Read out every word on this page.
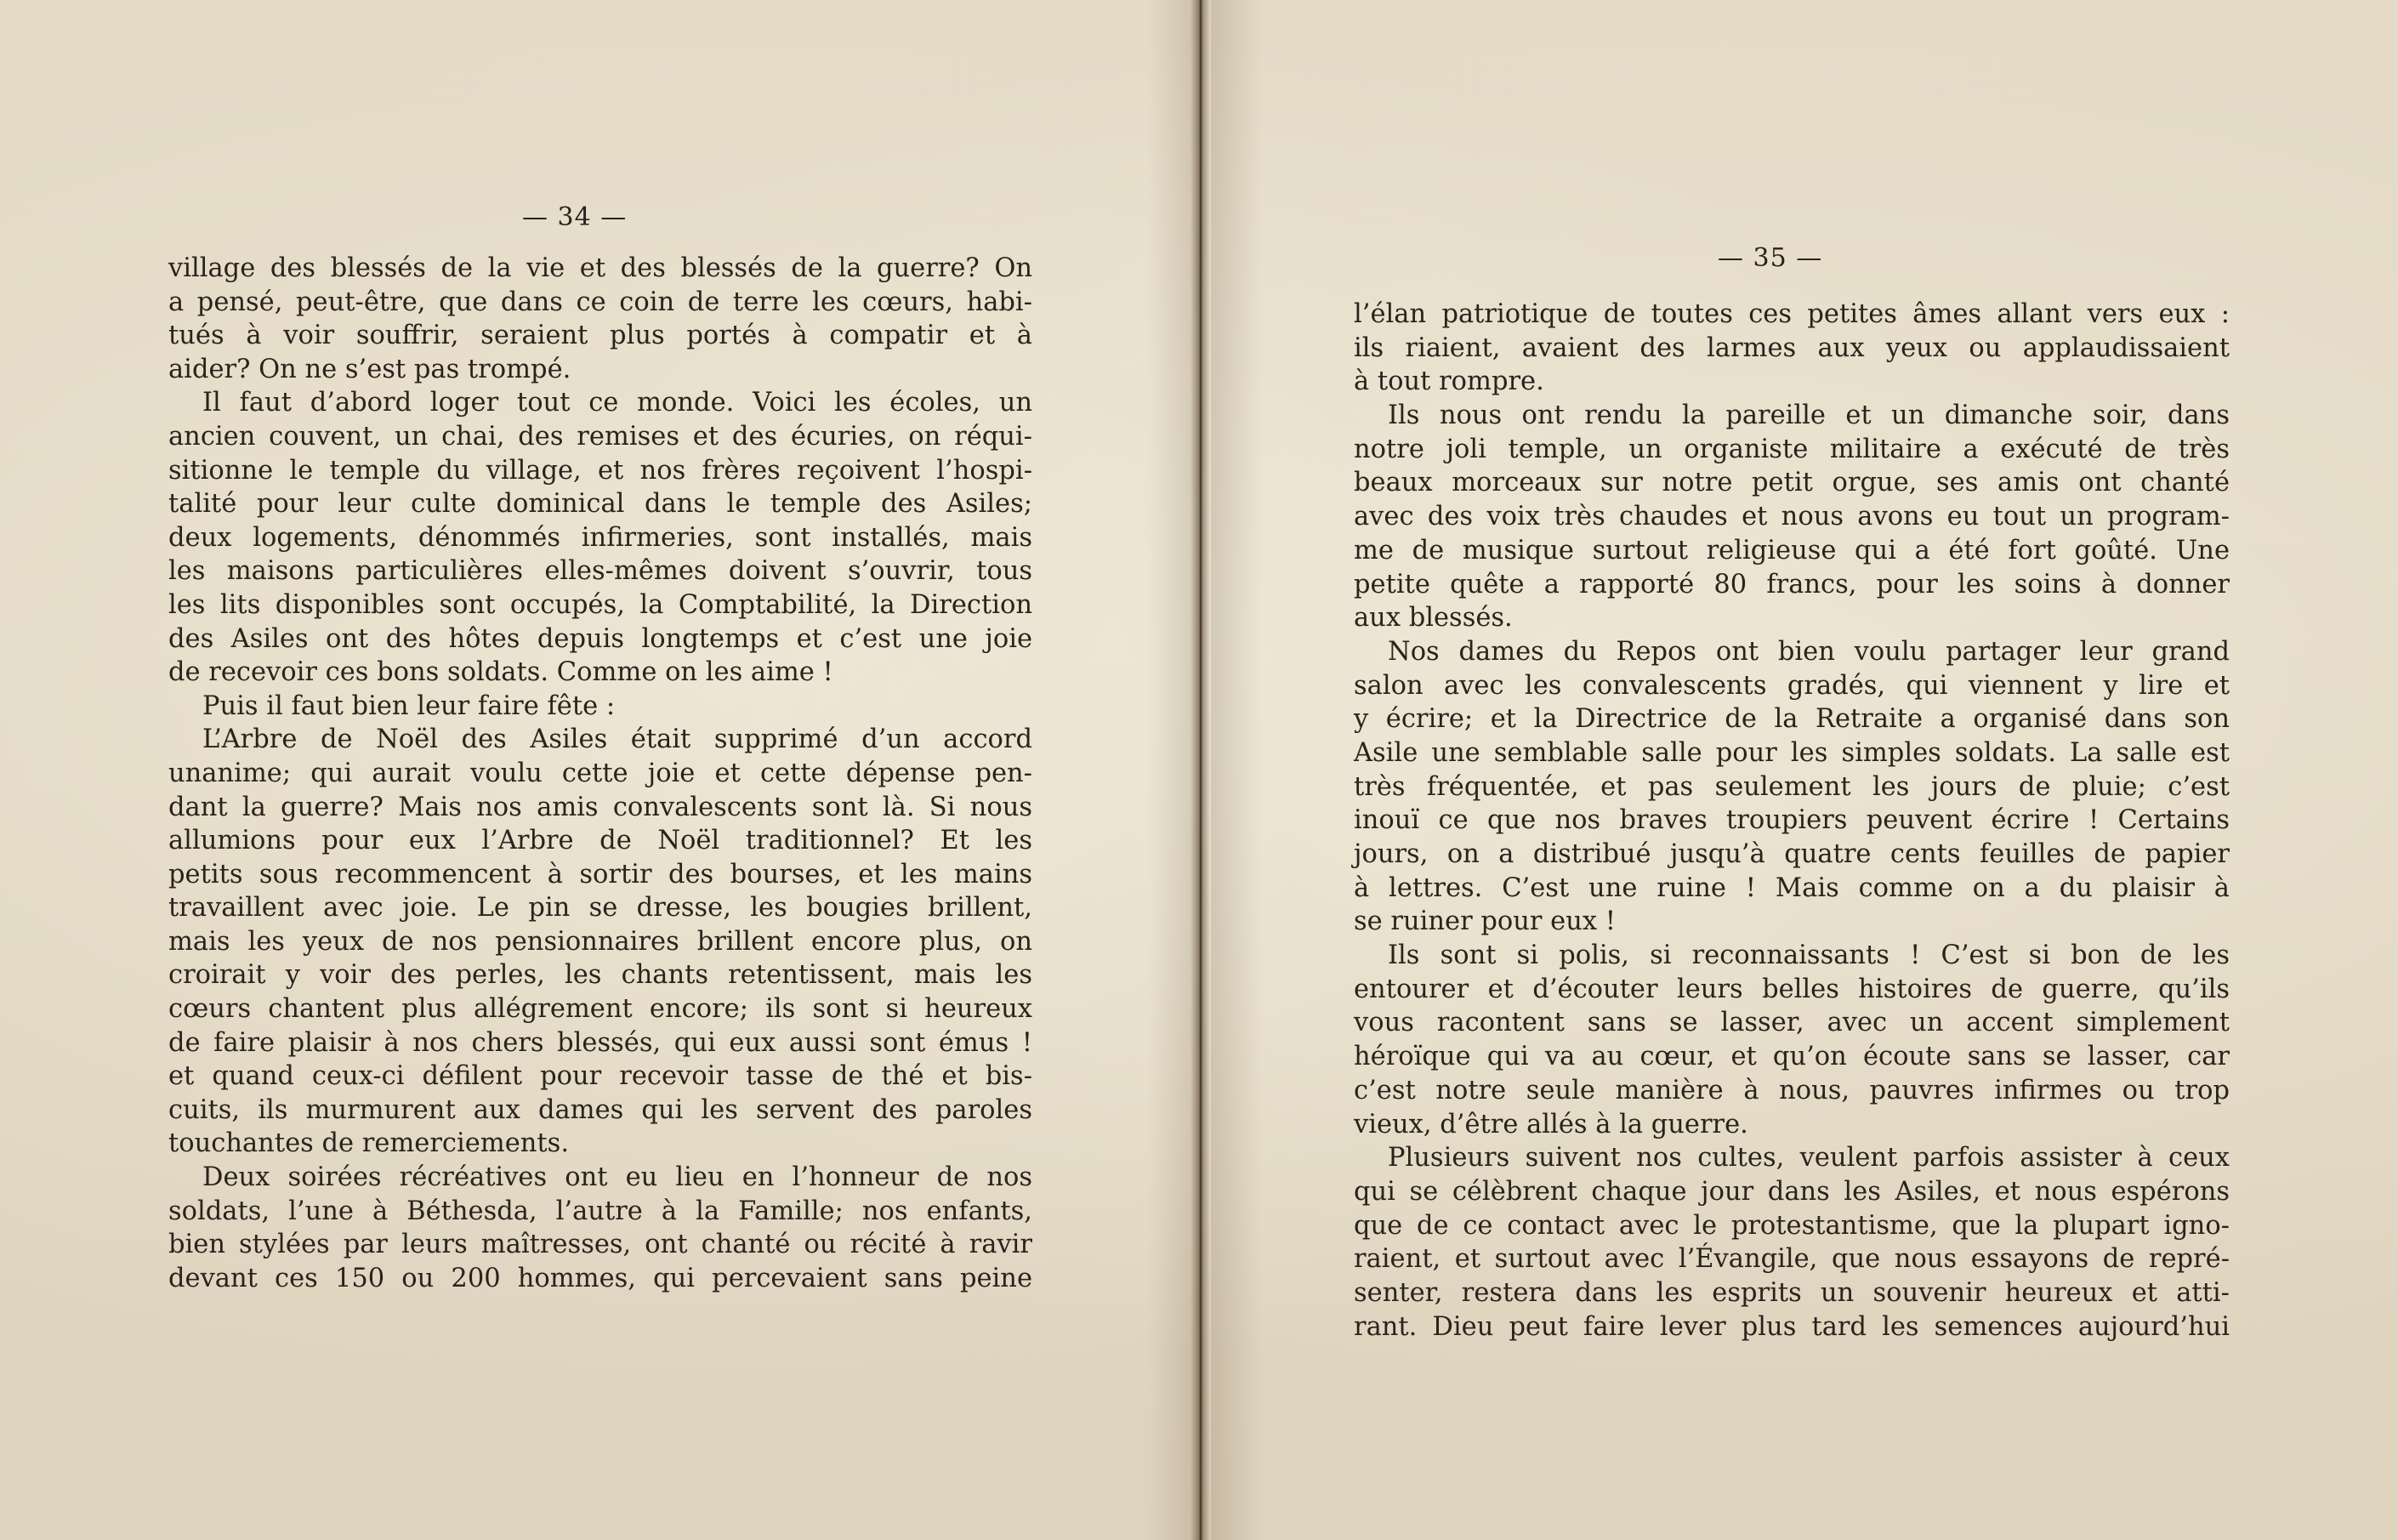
— 34 —
village des blessés de la vie et des blessés de la guerre? On
a pensé, peut-être, que dans ce coin de terre les cœurs, habi-
tués à voir souffrir, seraient plus portés à compatir et à
aider? On ne s’est pas trompé.
Il faut d’abord loger tout ce monde. Voici les écoles, un
ancien couvent, un chai, des remises et des écuries, on réqui-
sitionne le temple du village, et nos frères reçoivent l’hospi-
talité pour leur culte dominical dans le temple des Asiles;
deux logements, dénommés infirmeries, sont installés, mais
les maisons particulières elles-mêmes doivent s’ouvrir, tous
les lits disponibles sont occupés, la Comptabilité, la Direction
des Asiles ont des hôtes depuis longtemps et c’est une joie
de recevoir ces bons soldats. Comme on les aime !
Puis il faut bien leur faire fête :
L’Arbre de Noël des Asiles était supprimé d’un accord
unanime; qui aurait voulu cette joie et cette dépense pen-
dant la guerre? Mais nos amis convalescents sont là. Si nous
allumions pour eux l’Arbre de Noël traditionnel? Et les
petits sous recommencent à sortir des bourses, et les mains
travaillent avec joie. Le pin se dresse, les bougies brillent,
mais les yeux de nos pensionnaires brillent encore plus, on
croirait y voir des perles, les chants retentissent, mais les
cœurs chantent plus allégrement encore; ils sont si heureux
de faire plaisir à nos chers blessés, qui eux aussi sont émus !
et quand ceux-ci défilent pour recevoir tasse de thé et bis-
cuits, ils murmurent aux dames qui les servent des paroles
touchantes de remerciements.
Deux soirées récréatives ont eu lieu en l’honneur de nos
soldats, l’une à Béthesda, l’autre à la Famille; nos enfants,
bien stylées par leurs maîtresses, ont chanté ou récité à ravir
devant ces 150 ou 200 hommes, qui percevaient sans peine
— 35 —
l’élan patriotique de toutes ces petites âmes allant vers eux :
ils riaient, avaient des larmes aux yeux ou applaudissaient
à tout rompre.
Ils nous ont rendu la pareille et un dimanche soir, dans
notre joli temple, un organiste militaire a exécuté de très
beaux morceaux sur notre petit orgue, ses amis ont chanté
avec des voix très chaudes et nous avons eu tout un program-
me de musique surtout religieuse qui a été fort goûté. Une
petite quête a rapporté 80 francs, pour les soins à donner
aux blessés.
Nos dames du Repos ont bien voulu partager leur grand
salon avec les convalescents gradés, qui viennent y lire et
y écrire; et la Directrice de la Retraite a organisé dans son
Asile une semblable salle pour les simples soldats. La salle est
très fréquentée, et pas seulement les jours de pluie; c’est
inouï ce que nos braves troupiers peuvent écrire ! Certains
jours, on a distribué jusqu’à quatre cents feuilles de papier
à lettres. C’est une ruine ! Mais comme on a du plaisir à
se ruiner pour eux !
Ils sont si polis, si reconnaissants ! C’est si bon de les
entourer et d’écouter leurs belles histoires de guerre, qu’ils
vous racontent sans se lasser, avec un accent simplement
héroïque qui va au cœur, et qu’on écoute sans se lasser, car
c’est notre seule manière à nous, pauvres infirmes ou trop
vieux, d’être allés à la guerre.
Plusieurs suivent nos cultes, veulent parfois assister à ceux
qui se célèbrent chaque jour dans les Asiles, et nous espérons
que de ce contact avec le protestantisme, que la plupart igno-
raient, et surtout avec l’Évangile, que nous essayons de repré-
senter, restera dans les esprits un souvenir heureux et atti-
rant. Dieu peut faire lever plus tard les semences aujourd’hui
